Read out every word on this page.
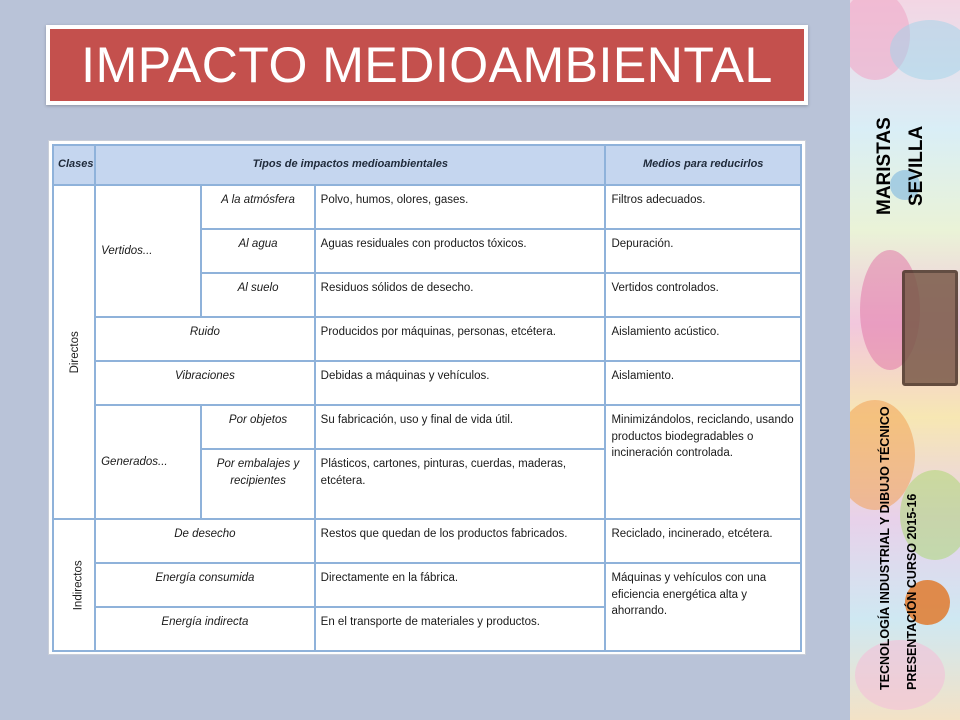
IMPACTO MEDIOAMBIENTAL
Clases	Tipos de impactos medioambientales			Medios para reducirlos
Directos	Vertidos...	A la atmósfera	Polvo, humos, olores, gases.	Filtros adecuados.
		Al agua	Aguas residuales con productos tóxicos.	Depuración.
		Al suelo	Residuos sólidos de desecho.	Vertidos controlados.
	Ruido		Producidos por máquinas, personas, etcétera.	Aislamiento acústico.
	Vibraciones		Debidas a máquinas y vehículos.	Aislamiento.
	Generados...	Por objetos	Su fabricación, uso y final de vida útil.	Minimizándolos, reciclando, usando productos biodegradables o incineración controlada.
		Por embalajes y recipientes	Plásticos, cartones, pinturas, cuerdas, maderas, etcétera.	

Indirectos	De desecho		Restos que quedan de los productos fabricados.	Reciclado, incinerado, etcétera.
	Energía consumida		Directamente en la fábrica.	Máquinas y vehículos con una eficiencia energética alta y ahorrando.
	Energía indirecta		En el transporte de materiales y productos.	
MARISTAS SEVILLA
TECNOLOGÍA INDUSTRIAL Y DIBUJO TÉCNICO PRESENTACIÓN CURSO 2015-16
